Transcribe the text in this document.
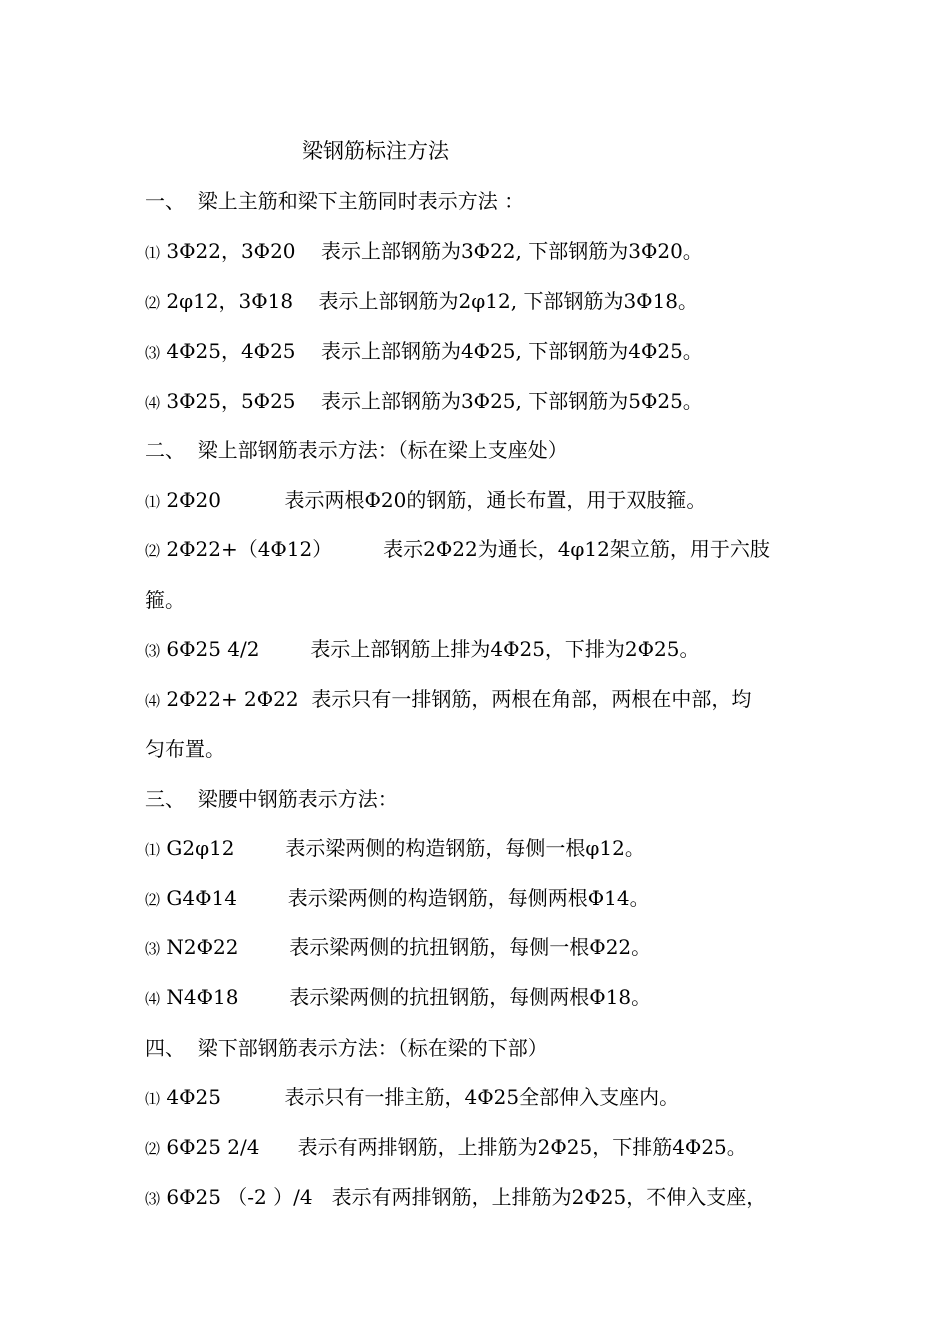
梁钢筋标注方法
一、  梁上主筋和梁下主筋同时表示方法 ：
⑴ 3Φ22，3Φ20    表示上部钢筋为3Φ22, 下部钢筋为3Φ20。
⑵ 2φ12，3Φ18    表示上部钢筋为2φ12, 下部钢筋为3Φ18。
⑶ 4Φ25，4Φ25    表示上部钢筋为4Φ25, 下部钢筋为4Φ25。
⑷ 3Φ25，5Φ25    表示上部钢筋为3Φ25, 下部钢筋为5Φ25。
二、  梁上部钢筋表示方法：（标在梁上支座处）
⑴ 2Φ20          表示两根Φ20的钢筋，通长布置，用于双肢箍。
⑵ 2Φ22+（4Φ12）        表示2Φ22为通长，4φ12架立筋，用于六肢
箍。
⑶ 6Φ25 4/2        表示上部钢筋上排为4Φ25，下排为2Φ25。
⑷ 2Φ22+ 2Φ22  表示只有一排钢筋，两根在角部，两根在中部，均
匀布置。
三、  梁腰中钢筋表示方法：
⑴ G2φ12        表示梁两侧的构造钢筋，每侧一根φ12。
⑵ G4Φ14        表示梁两侧的构造钢筋，每侧两根Φ14。
⑶ N2Φ22        表示梁两侧的抗扭钢筋，每侧一根Φ22。
⑷ N4Φ18        表示梁两侧的抗扭钢筋，每侧两根Φ18。
四、  梁下部钢筋表示方法：（标在梁的下部）
⑴ 4Φ25          表示只有一排主筋，4Φ25全部伸入支座内。
⑵ 6Φ25 2/4      表示有两排钢筋，上排筋为2Φ25，下排筋4Φ25。
⑶ 6Φ25 （-2 ）/4   表示有两排钢筋，上排筋为2Φ25，不伸入支座，
